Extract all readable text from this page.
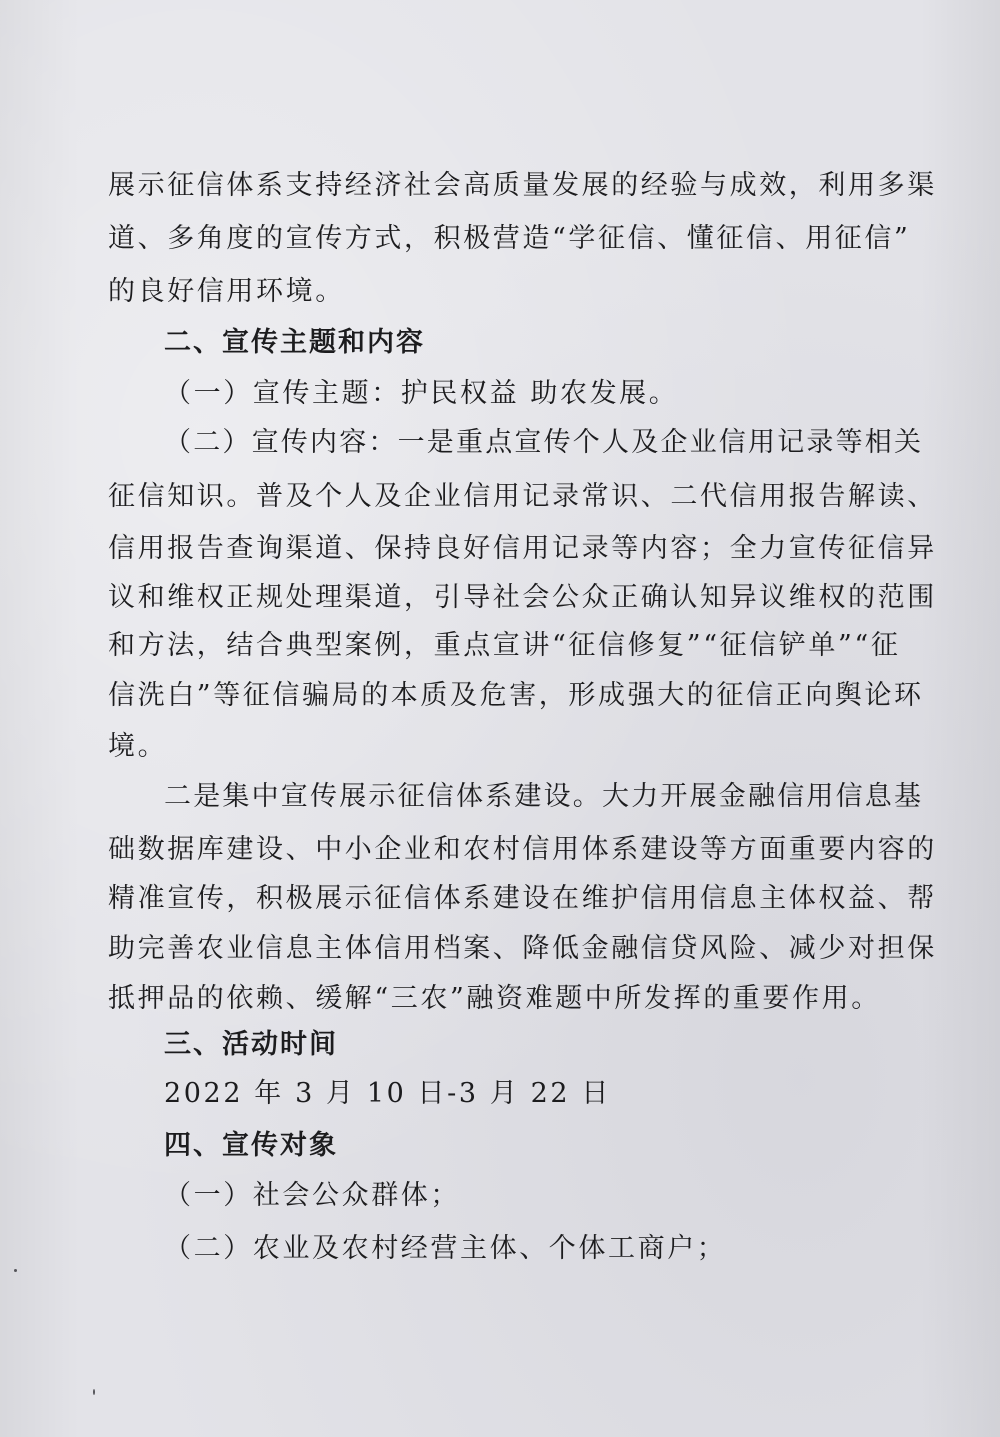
展示征信体系支持经济社会高质量发展的经验与成效，利用多渠
道、多角度的宣传方式，积极营造“学征信、懂征信、用征信”
的良好信用环境。
二、宣传主题和内容
（一）宣传主题：护民权益 助农发展。
（二）宣传内容：一是重点宣传个人及企业信用记录等相关
征信知识。普及个人及企业信用记录常识、二代信用报告解读、
信用报告查询渠道、保持良好信用记录等内容；全力宣传征信异
议和维权正规处理渠道，引导社会公众正确认知异议维权的范围
和方法，结合典型案例，重点宣讲“征信修复”“征信铲单”“征
信洗白”等征信骗局的本质及危害，形成强大的征信正向舆论环
境。
二是集中宣传展示征信体系建设。大力开展金融信用信息基
础数据库建设、中小企业和农村信用体系建设等方面重要内容的
精准宣传，积极展示征信体系建设在维护信用信息主体权益、帮
助完善农业信息主体信用档案、降低金融信贷风险、减少对担保
抵押品的依赖、缓解“三农”融资难题中所发挥的重要作用。
三、活动时间
2022 年 3 月 10 日-3 月 22 日
四、宣传对象
（一）社会公众群体；
（二）农业及农村经营主体、个体工商户；
